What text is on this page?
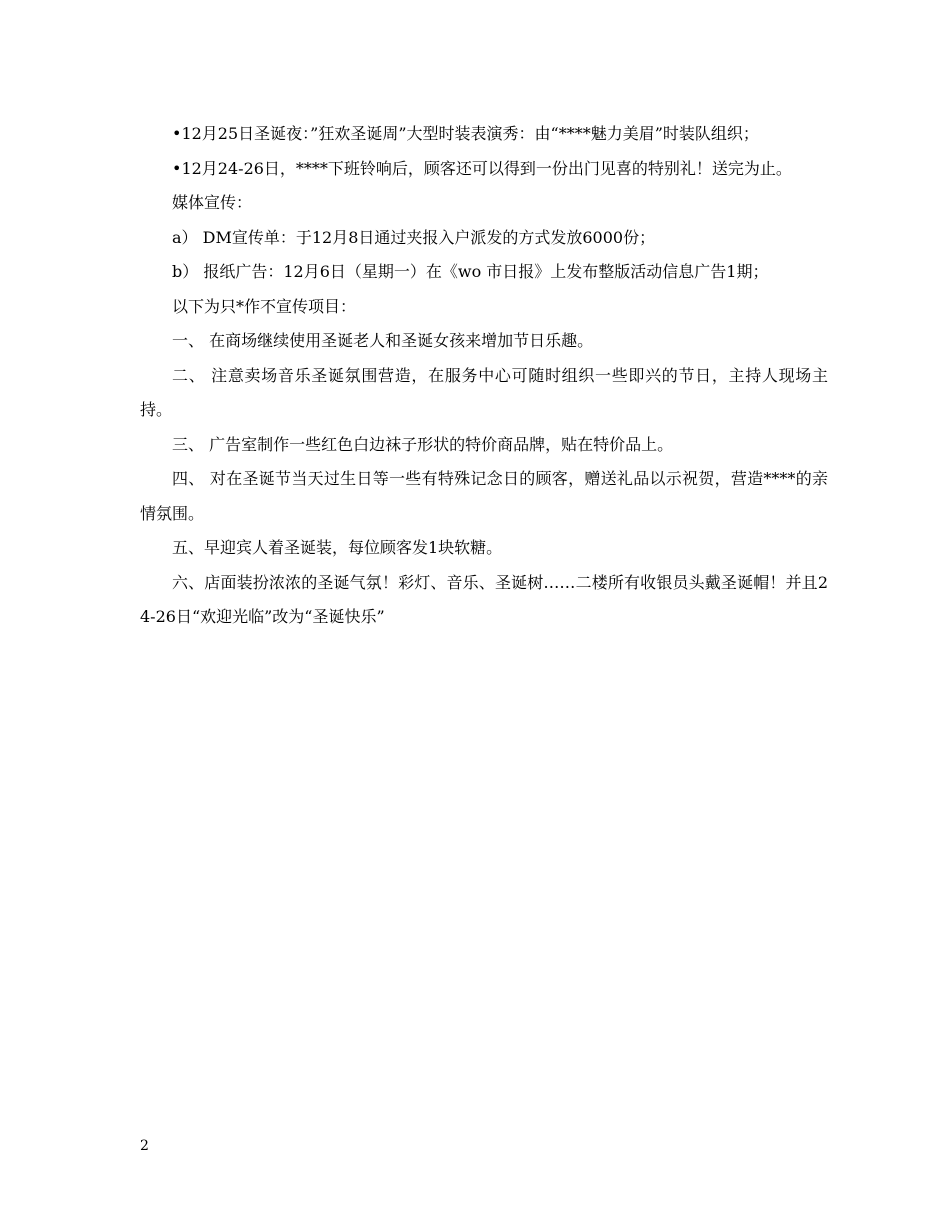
•12月25日圣诞夜：”狂欢圣诞周”大型时装表演秀：由“****魅力美眉”时装队组织；

•12月24-26日，****下班铃响后，顾客还可以得到一份出门见喜的特别礼！送完为止。

媒体宣传：

a） DM宣传单：于12月8日通过夹报入户派发的方式发放6000份；

b） 报纸广告：12月6日（星期一）在《wo 市日报》上发布整版活动信息广告1期；

以下为只*作不宣传项目：

一、 在商场继续使用圣诞老人和圣诞女孩来增加节日乐趣。

二、 注意卖场音乐圣诞氛围营造，在服务中心可随时组织一些即兴的节日，主持人现场主持。

三、 广告室制作一些红色白边袜子形状的特价商品牌，贴在特价品上。

四、 对在圣诞节当天过生日等一些有特殊记念日的顾客，赠送礼品以示祝贺，营造****的亲情氛围。

五、早迎宾人着圣诞装，每位顾客发1块软糖。

六、店面装扮浓浓的圣诞气氛！彩灯、音乐、圣诞树……二楼所有收银员头戴圣诞帽！并且24-26日“欢迎光临”改为“圣诞快乐”

2
